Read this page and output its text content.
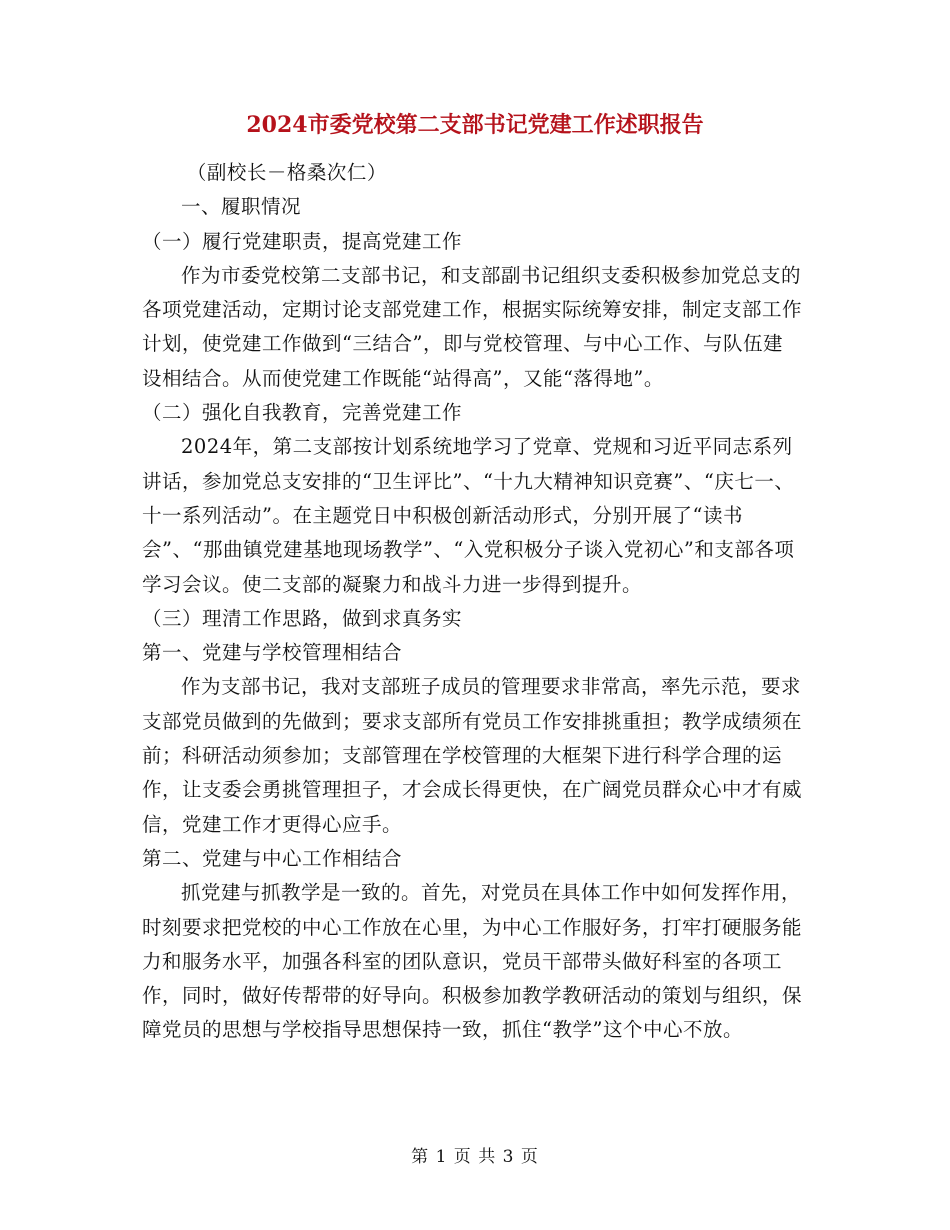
2024市委党校第二支部书记党建工作述职报告

（副校长－格桑次仁）

一、履职情况

（一）履行党建职责，提高党建工作

作为市委党校第二支部书记，和支部副书记组织支委积极参加党总支的各项党建活动，定期讨论支部党建工作，根据实际统筹安排，制定支部工作计划，使党建工作做到“三结合”，即与党校管理、与中心工作、与队伍建设相结合。从而使党建工作既能“站得高”，又能“落得地”。

（二）强化自我教育，完善党建工作

2024年，第二支部按计划系统地学习了党章、党规和习近平同志系列讲话，参加党总支安排的“卫生评比”、“十九大精神知识竞赛”、“庆七一、十一系列活动”。在主题党日中积极创新活动形式，分别开展了“读书会”、“那曲镇党建基地现场教学”、“入党积极分子谈入党初心”和支部各项学习会议。使二支部的凝聚力和战斗力进一步得到提升。

（三）理清工作思路，做到求真务实

第一、党建与学校管理相结合

作为支部书记，我对支部班子成员的管理要求非常高，率先示范，要求支部党员做到的先做到；要求支部所有党员工作安排挑重担；教学成绩须在前；科研活动须参加；支部管理在学校管理的大框架下进行科学合理的运作，让支委会勇挑管理担子，才会成长得更快，在广阔党员群众心中才有威信，党建工作才更得心应手。

第二、党建与中心工作相结合

抓党建与抓教学是一致的。首先，对党员在具体工作中如何发挥作用，时刻要求把党校的中心工作放在心里，为中心工作服好务，打牢打硬服务能力和服务水平，加强各科室的团队意识，党员干部带头做好科室的各项工作，同时，做好传帮带的好导向。积极参加教学教研活动的策划与组织，保障党员的思想与学校指导思想保持一致，抓住“教学”这个中心不放。

第 1 页 共 3 页
